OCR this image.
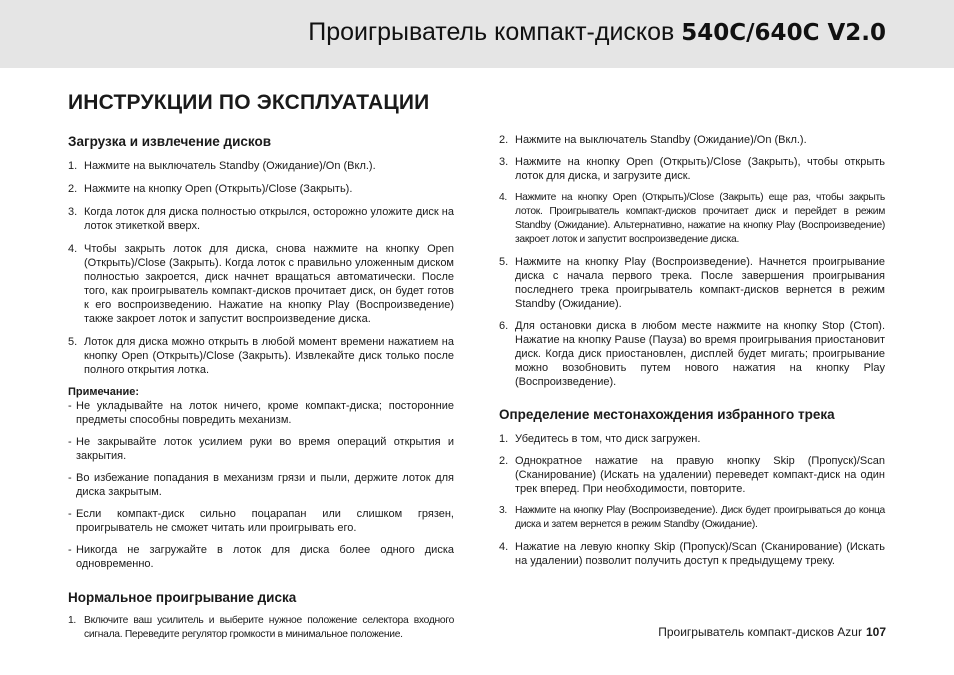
Проигрыватель компакт-дисков 540C/640C V2.0
ИНСТРУКЦИИ ПО ЭКСПЛУАТАЦИИ
Загрузка и извлечение дисков
1. Нажмите на выключатель Standby (Ожидание)/On (Вкл.).
2. Нажмите на кнопку Open (Открыть)/Close (Закрыть).
3. Когда лоток для диска полностью открылся, осторожно уложите диск на лоток этикеткой вверх.
4. Чтобы закрыть лоток для диска, снова нажмите на кнопку Open (Открыть)/Close (Закрыть). Когда лоток с правильно уложенным диском полностью закроется, диск начнет вращаться автоматически. После того, как проигрыватель компакт-дисков прочитает диск, он будет готов к его воспроизведению. Нажатие на кнопку Play (Воспроизведение) также закроет лоток и запустит воспроизведение диска.
5. Лоток для диска можно открыть в любой момент времени нажатием на кнопку Open (Открыть)/Close (Закрыть). Извлекайте диск только после полного открытия лотка.
Примечание:
- Не укладывайте на лоток ничего, кроме компакт-диска; посторонние предметы способны повредить механизм.
- Не закрывайте лоток усилием руки во время операций открытия и закрытия.
- Во избежание попадания в механизм грязи и пыли, держите лоток для диска закрытым.
- Если компакт-диск сильно поцарапан или слишком грязен, проигрыватель не сможет читать или проигрывать его.
- Никогда не загружайте в лоток для диска более одного диска одновременно.
Нормальное проигрывание диска
1. Включите ваш усилитель и выберите нужное положение селектора входного сигнала. Переведите регулятор громкости в минимальное положение.
2. Нажмите на выключатель Standby (Ожидание)/On (Вкл.).
3. Нажмите на кнопку Open (Открыть)/Close (Закрыть), чтобы открыть лоток для диска, и загрузите диск.
4. Нажмите на кнопку Open (Открыть)/Close (Закрыть) еще раз, чтобы закрыть лоток. Проигрыватель компакт-дисков прочитает диск и перейдет в режим Standby (Ожидание). Альтернативно, нажатие на кнопку Play (Воспроизведение) закроет лоток и запустит воспроизведение диска.
5. Нажмите на кнопку Play (Воспроизведение). Начнется проигрывание диска с начала первого трека. После завершения проигрывания последнего трека проигрыватель компакт-дисков вернется в режим Standby (Ожидание).
6. Для остановки диска в любом месте нажмите на кнопку Stop (Стоп). Нажатие на кнопку Pause (Пауза) во время проигрывания приостановит диск. Когда диск приостановлен, дисплей будет мигать; проигрывание можно возобновить путем нового нажатия на кнопку Play (Воспроизведение).
Определение местонахождения избранного трека
1. Убедитесь в том, что диск загружен.
2. Однократное нажатие на правую кнопку Skip (Пропуск)/Scan (Сканирование) (Искать на удалении) переведет компакт-диск на один трек вперед. При необходимости, повторите.
3. Нажмите на кнопку Play (Воспроизведение). Диск будет проигрываться до конца диска и затем вернется в режим Standby (Ожидание).
4. Нажатие на левую кнопку Skip (Пропуск)/Scan (Сканирование) (Искать на удалении) позволит получить доступ к предыдущему треку.
Проигрыватель компакт-дисков Azur 107
